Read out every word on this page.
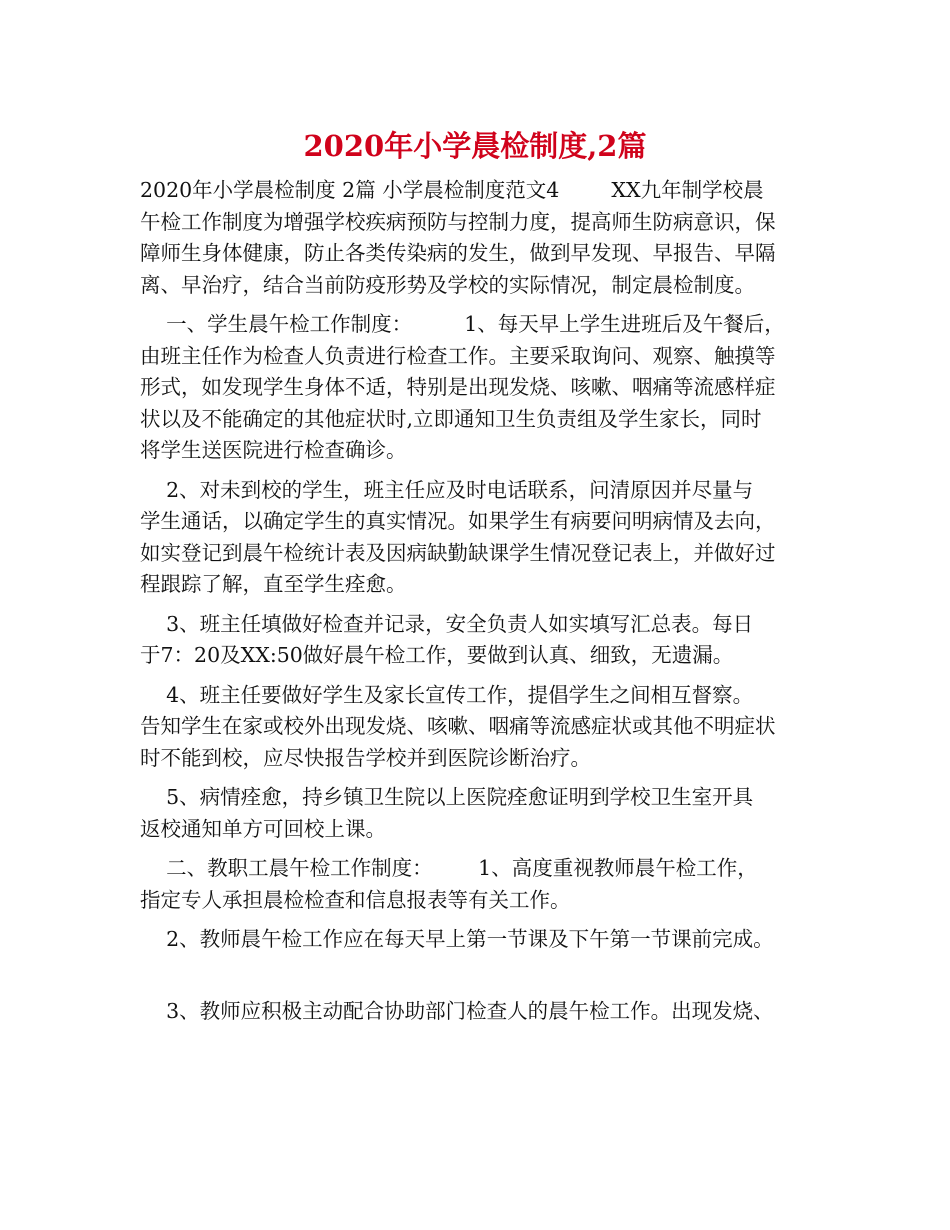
2020年小学晨检制度,2篇
2020年小学晨检制度 2篇 小学晨检制度范文4        XX九年制学校晨
午检工作制度为增强学校疾病预防与控制力度，提高师生防病意识，保
障师生身体健康，防止各类传染病的发生，做到早发现、早报告、早隔
离、早治疗，结合当前防疫形势及学校的实际情况，制定晨检制度。
一、学生晨午检工作制度：        1、每天早上学生进班后及午餐后，
由班主任作为检查人负责进行检查工作。主要采取询问、观察、触摸等
形式，如发现学生身体不适，特别是出现发烧、咳嗽、咽痛等流感样症
状以及不能确定的其他症状时,立即通知卫生负责组及学生家长，同时
将学生送医院进行检查确诊。
2、对未到校的学生，班主任应及时电话联系，问清原因并尽量与
学生通话，以确定学生的真实情况。如果学生有病要问明病情及去向，
如实登记到晨午检统计表及因病缺勤缺课学生情况登记表上，并做好过
程跟踪了解，直至学生痊愈。
3、班主任填做好检查并记录，安全负责人如实填写汇总表。每日
于7：20及XX:50做好晨午检工作，要做到认真、细致，无遗漏。
4、班主任要做好学生及家长宣传工作，提倡学生之间相互督察。
告知学生在家或校外出现发烧、咳嗽、咽痛等流感症状或其他不明症状
时不能到校，应尽快报告学校并到医院诊断治疗。
5、病情痊愈，持乡镇卫生院以上医院痊愈证明到学校卫生室开具
返校通知单方可回校上课。
二、教职工晨午检工作制度：       1、高度重视教师晨午检工作，
指定专人承担晨检检查和信息报表等有关工作。
2、教师晨午检工作应在每天早上第一节课及下午第一节课前完成。
3、教师应积极主动配合协助部门检查人的晨午检工作。出现发烧、
